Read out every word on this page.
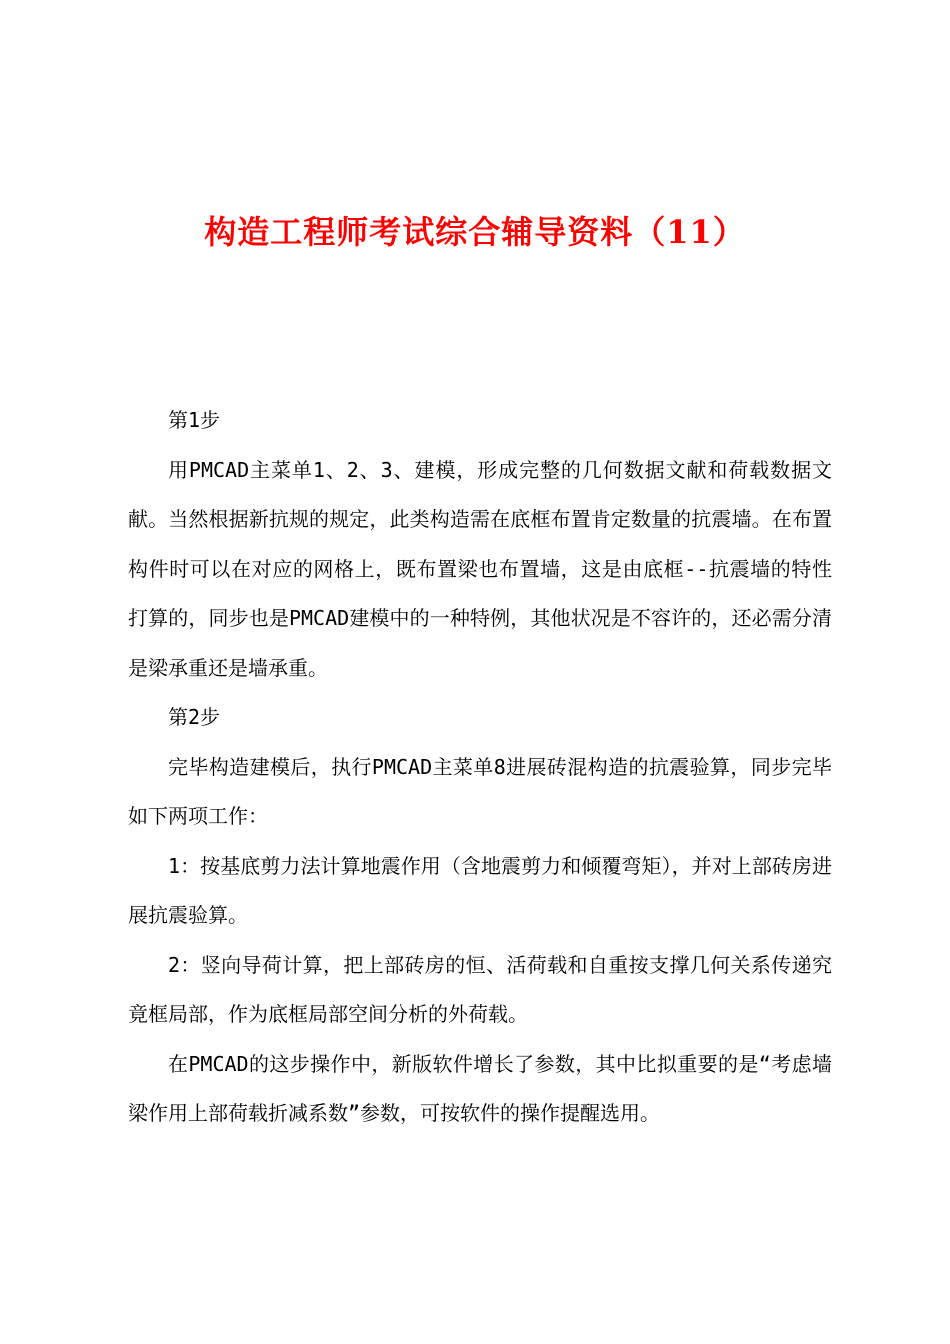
构造工程师考试综合辅导资料（11）

第1步

用PMCAD主菜单1、2、3、建模，形成完整的几何数据文献和荷载数据文献。当然根据新抗规的规定，此类构造需在底框布置肯定数量的抗震墙。在布置构件时可以在对应的网格上，既布置梁也布置墙，这是由底框--抗震墙的特性打算的，同步也是PMCAD建模中的一种特例，其他状况是不容许的，还必需分清是梁承重还是墙承重。

第2步

完毕构造建模后，执行PMCAD主菜单8进展砖混构造的抗震验算，同步完毕如下两项工作：

1：按基底剪力法计算地震作用（含地震剪力和倾覆弯矩），并对上部砖房进展抗震验算。

2：竖向导荷计算，把上部砖房的恒、活荷载和自重按支撑几何关系传递究竟框局部，作为底框局部空间分析的外荷载。

在PMCAD的这步操作中，新版软件增长了参数，其中比拟重要的是“考虑墙梁作用上部荷载折减系数”参数，可按软件的操作提醒选用。
